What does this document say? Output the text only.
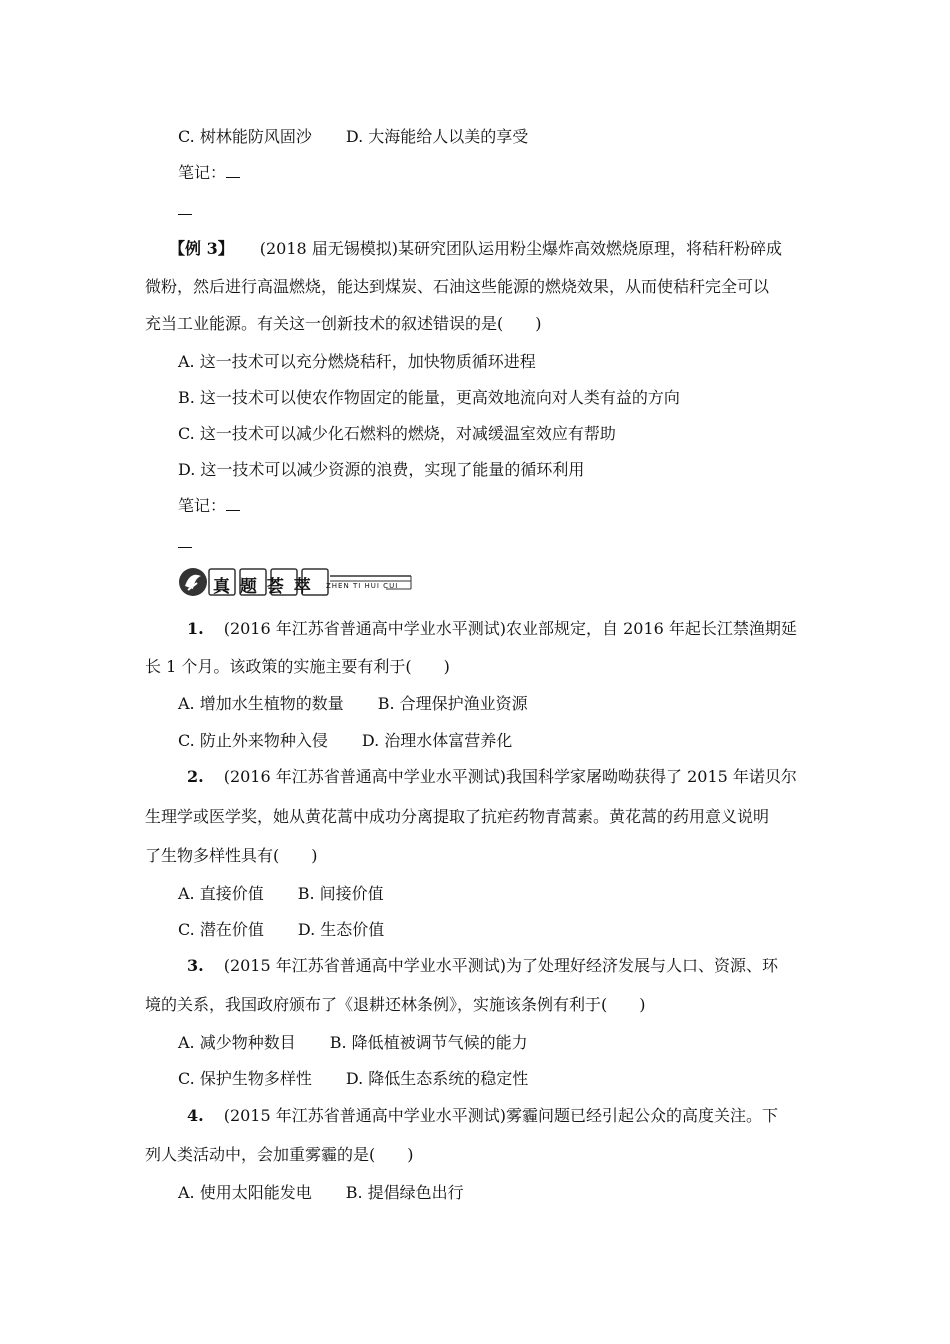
C. 树林能防风固沙 D. 大海能给人以美的享受
笔记：
【例 3】 (2018 届无锡模拟)某研究团队运用粉尘爆炸高效燃烧原理，将秸秆粉碎成
微粉，然后进行高温燃烧，能达到煤炭、石油这些能源的燃烧效果，从而使秸秆完全可以
充当工业能源。有关这一创新技术的叙述错误的是(　　)
A. 这一技术可以充分燃烧秸秆，加快物质循环进程
B. 这一技术可以使农作物固定的能量，更高效地流向对人类有益的方向
C. 这一技术可以减少化石燃料的燃烧，对减缓温室效应有帮助
D. 这一技术可以减少资源的浪费，实现了能量的循环利用
笔记：
真 题 荟 萃 ZHEN TI HUI CUI
1. (2016 年江苏省普通高中学业水平测试)农业部规定，自 2016 年起长江禁渔期延
长 1 个月。该政策的实施主要有利于(　　)
A. 增加水生植物的数量 B. 合理保护渔业资源
C. 防止外来物种入侵 D. 治理水体富营养化
2. (2016 年江苏省普通高中学业水平测试)我国科学家屠呦呦获得了 2015 年诺贝尔
生理学或医学奖，她从黄花蒿中成功分离提取了抗疟药物青蒿素。黄花蒿的药用意义说明
了生物多样性具有(　　)
A. 直接价值 B. 间接价值
C. 潜在价值 D. 生态价值
3. (2015 年江苏省普通高中学业水平测试)为了处理好经济发展与人口、资源、环
境的关系，我国政府颁布了《退耕还林条例》，实施该条例有利于(　　)
A. 减少物种数目 B. 降低植被调节气候的能力
C. 保护生物多样性 D. 降低生态系统的稳定性
4. (2015 年江苏省普通高中学业水平测试)雾霾问题已经引起公众的高度关注。下
列人类活动中，会加重雾霾的是(　　)
A. 使用太阳能发电 B. 提倡绿色出行
